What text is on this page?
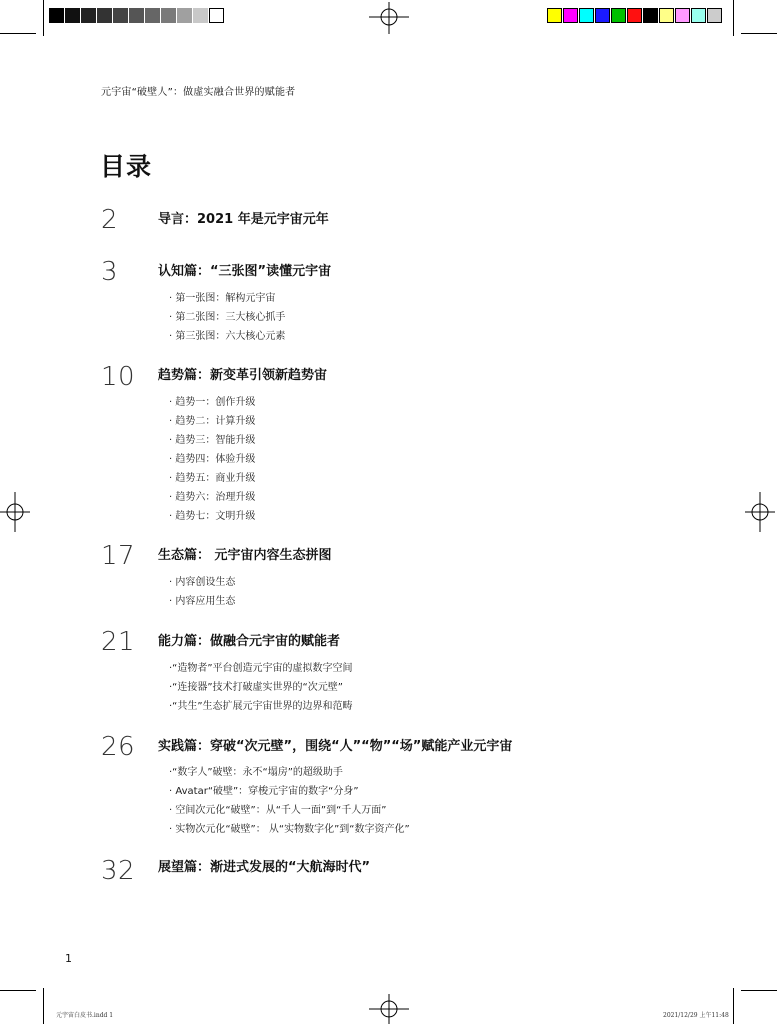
元宇宙“破壁人”：做虚实融合世界的赋能者
目录
2	导言：2021 年是元宇宙元年
3	认知篇：“三张图”读懂元宇宙
· 第一张图：解构元宇宙
· 第二张图：三大核心抓手
· 第三张图：六大核心元素
10 趋势篇：新变革引领新趋势宙
· 趋势一：创作升级
· 趋势二：计算升级
· 趋势三：智能升级
· 趋势四：体验升级
· 趋势五：商业升级
· 趋势六：治理升级
· 趋势七：文明升级
17 生态篇： 元宇宙内容生态拼图
· 内容创设生态
· 内容应用生态
21 能力篇：做融合元宇宙的赋能者
·“造物者”平台创造元宇宙的虚拟数字空间
·“连接器”技术打破虚实世界的“次元壁”
·“共生”生态扩展元宇宙世界的边界和范畴
26 实践篇：穿破“次元壁”，围绕“人”“物”“场”赋能产业元宇宙
·“数字人”破壁：永不“塌房”的超级助手
· Avatar“破壁”：穿梭元宇宙的数字“分身”
· 空间次元化“破壁”：从“千人一面”到“千人万面”
· 实物次元化“破壁”： 从“实物数字化”到“数字资产化”
32 展望篇：渐进式发展的“大航海时代”
1
元宇宙白皮书.indd 1	2021/12/29 上午11:48
